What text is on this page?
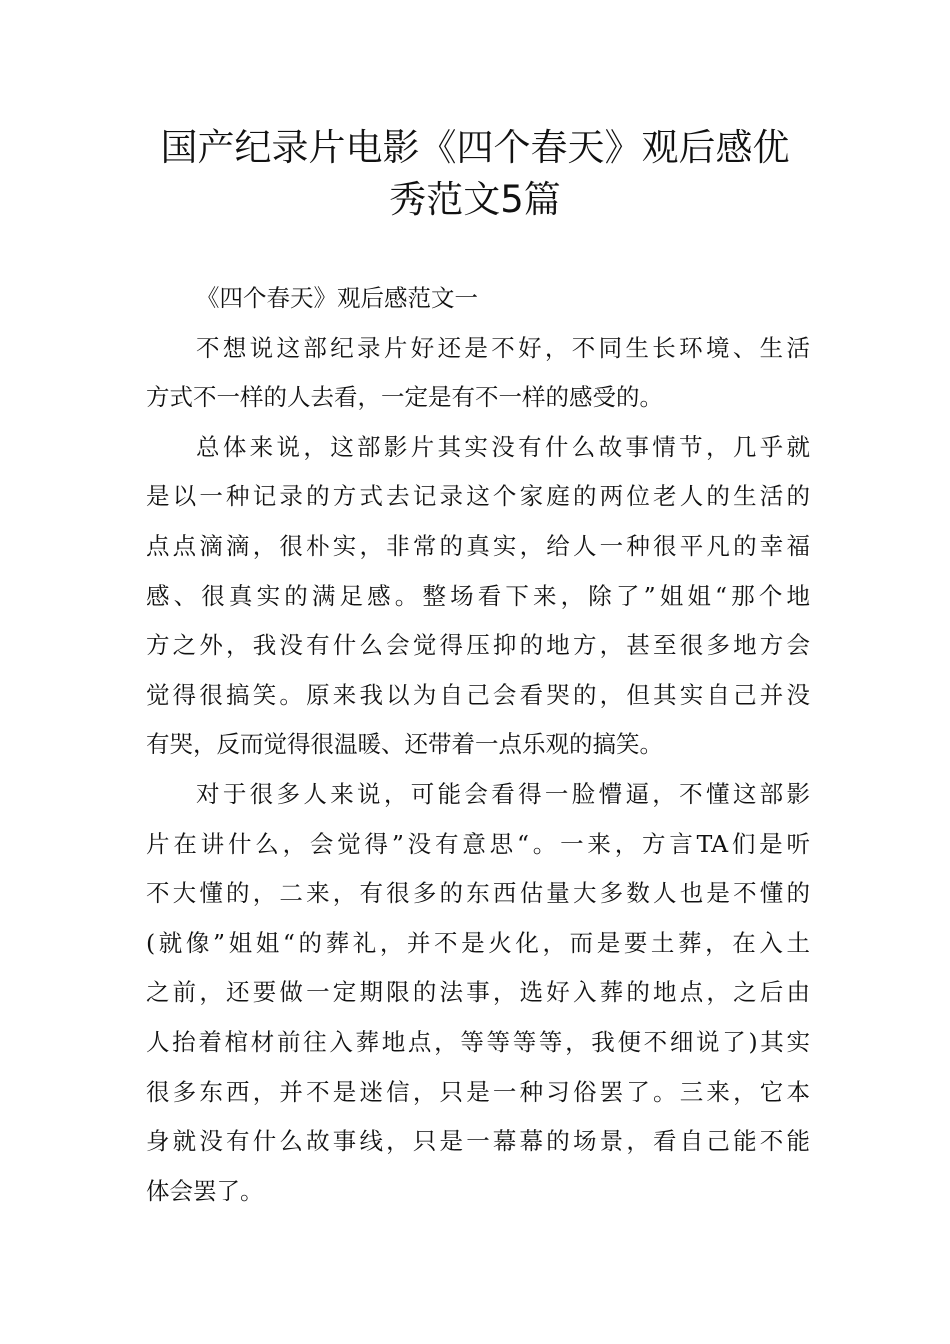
国产纪录片电影《四个春天》观后感优
秀范文5篇
《四个春天》观后感范文一
不想说这部纪录片好还是不好，不同生长环境、生活
方式不一样的人去看，一定是有不一样的感受的。
总体来说，这部影片其实没有什么故事情节，几乎就
是以一种记录的方式去记录这个家庭的两位老人的生活的
点点滴滴，很朴实，非常的真实，给人一种很平凡的幸福
感、很真实的满足感。整场看下来，除了”姐姐“那个地
方之外，我没有什么会觉得压抑的地方，甚至很多地方会
觉得很搞笑。原来我以为自己会看哭的，但其实自己并没
有哭，反而觉得很温暖、还带着一点乐观的搞笑。
对于很多人来说，可能会看得一脸懵逼，不懂这部影
片在讲什么，会觉得”没有意思“。一来，方言TA们是听
不大懂的，二来，有很多的东西估量大多数人也是不懂的
(就像”姐姐“的葬礼，并不是火化，而是要土葬，在入土
之前，还要做一定期限的法事，选好入葬的地点，之后由
人抬着棺材前往入葬地点，等等等等，我便不细说了)其实
很多东西，并不是迷信，只是一种习俗罢了。三来，它本
身就没有什么故事线，只是一幕幕的场景，看自己能不能
体会罢了。
